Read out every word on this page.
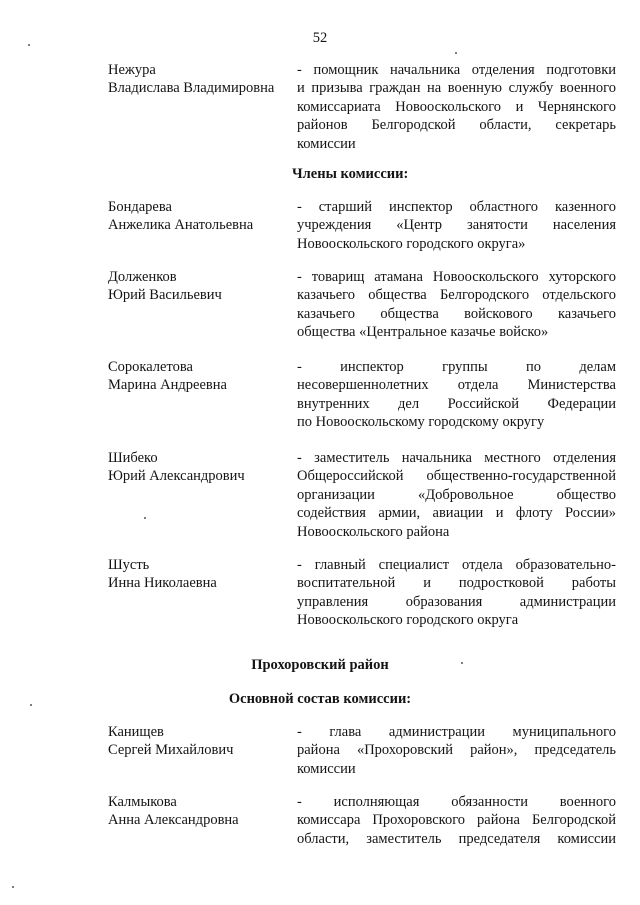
52
Нежура
Владислава Владимировна
- помощник начальника отделения подготовки
и призыва граждан на военную службу военного
комиссариата Новооскольского и Чернянского
районов Белгородской области, секретарь
комиссии
Члены комиссии:
Бондарева
Анжелика Анатольевна
- старший инспектор областного казенного
учреждения «Центр занятости населения
Новооскольского городского округа»
Долженков
Юрий Васильевич
- товарищ атамана Новооскольского хуторского
казачьего общества Белгородского отдельского
казачьего общества войскового казачьего
общества «Центральное казачье войско»
Сорокалетова
Марина Андреевна
- инспектор группы по делам
несовершеннолетних отдела Министерства
внутренних дел Российской Федерации
по Новооскольскому городскому округу
Шибеко
Юрий Александрович
- заместитель начальника местного отделения
Общероссийской общественно-государственной
организации «Добровольное общество
содействия армии, авиации и флоту России»
Новооскольского района
Шусть
Инна Николаевна
- главный специалист отдела образовательно-
воспитательной и подростковой работы
управления образования администрации
Новооскольского городского округа
Прохоровский район
Основной состав комиссии:
Канищев
Сергей Михайлович
- глава администрации муниципального
района «Прохоровский район», председатель
комиссии
Калмыкова
Анна Александровна
- исполняющая обязанности военного
комиссара Прохоровского района Белгородской
области, заместитель председателя комиссии
